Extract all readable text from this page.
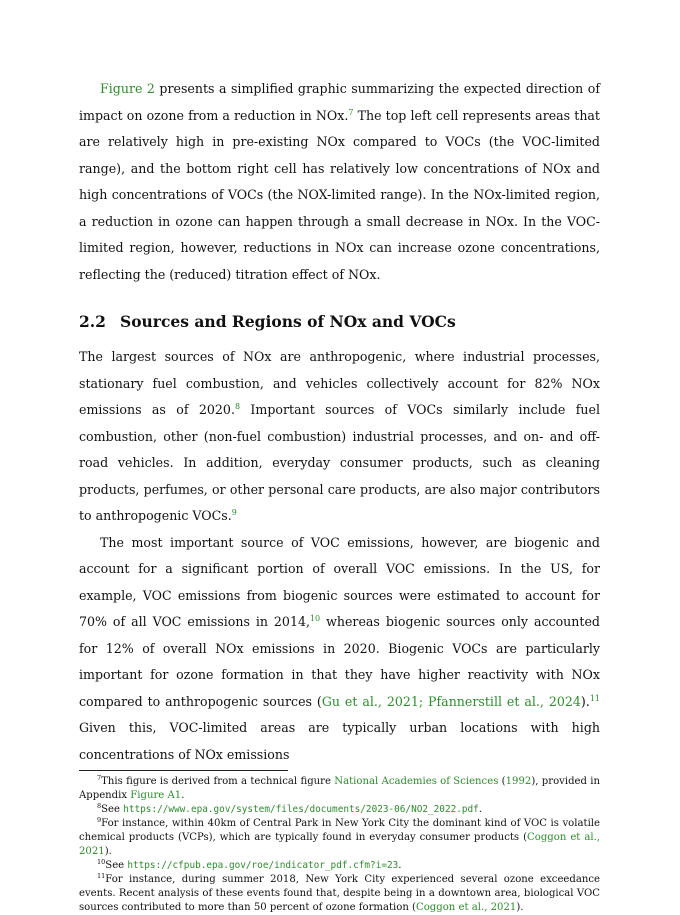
Figure 2 presents a simplified graphic summarizing the expected direction of impact on ozone from a reduction in NOx.$^7$ The top left cell represents areas that are relatively high in pre-existing NOx compared to VOCs (the VOC-limited range), and the bottom right cell has relatively low concentrations of NOx and high concentrations of VOCs (the NOX-limited range). In the NOx-limited region, a reduction in ozone can happen through a small decrease in NOx. In the VOC-limited region, however, reductions in NOx can increase ozone concentrations, reflecting the (reduced) titration effect of NOx.

2.2 Sources and Regions of NOx and VOCs

The largest sources of NOx are anthropogenic, where industrial processes, stationary fuel combustion, and vehicles collectively account for 82% NOx emissions as of 2020.$^8$ Important sources of VOCs similarly include fuel combustion, other (non-fuel combustion) industrial processes, and on- and off-road vehicles. In addition, everyday consumer products, such as cleaning products, perfumes, or other personal care products, are also major contributors to anthropogenic VOCs.$^9$

The most important source of VOC emissions, however, are biogenic and account for a significant portion of overall VOC emissions. In the US, for example, VOC emissions from biogenic sources were estimated to account for 70% of all VOC emissions in 2014,10 whereas biogenic sources only accounted for 12% of overall NOx emissions in 2020. Biogenic VOCs are particularly important for ozone formation in that they have higher reactivity with NOx compared to anthropogenic sources (Gu et al., 2021; Pfannerstill et al., 2024).$^{11}$ Given this, VOC-limited areas are typically urban locations with high concentrations of NOx emissions

$^7$This figure is derived from a technical figure National Academies of Sciences (1992), provided in Appendix Figure A1.

$^8$See https://www.epa.gov/system/files/documents/2023-06/NO2_2022.pdf.

$^9$For instance, within 40km of Central Park in New York City the dominant kind of VOC is volatile chemical products (VCPs), which are typically found in everyday consumer products (Coggon et al., 2021).

$^{10}$See https://cfpub.epa.gov/roe/indicator_pdf.cfm?i=23.

$^{11}$For instance, during summer 2018, New York City experienced several ozone exceedance events. Recent analysis of these events found that, despite being in a downtown area, biological VOC sources contributed to more than 50 percent of ozone formation (Coggon et al., 2021).
